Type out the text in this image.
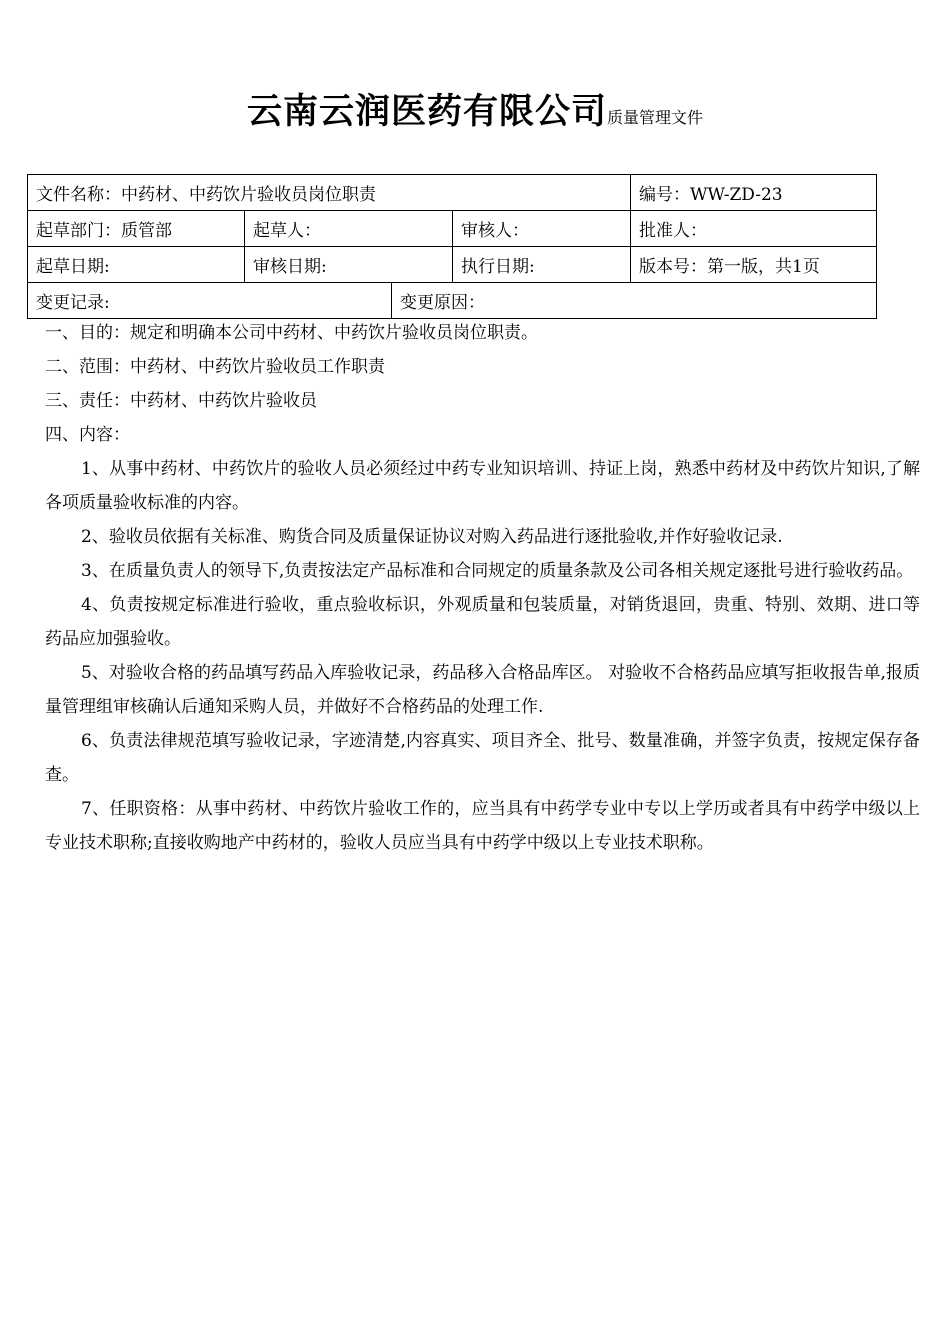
云南云润医药有限公司质量管理文件
文件名称：中药材、中药饮片验收员岗位职责				编号：WW-ZD-23
起草部门：质管部	起草人：		审核人：	批准人：
起草日期:	审核日期:		执行日期:	版本号：第一版，共1页
变更记录:		变更原因：		

一、目的：规定和明确本公司中药材、中药饮片验收员岗位职责。

二、范围：中药材、中药饮片验收员工作职责

三、责任：中药材、中药饮片验收员

四、内容：

1、从事中药材、中药饮片的验收人员必须经过中药专业知识培训、持证上岗，熟悉中药材及中药饮片知识,了解各项质量验收标准的内容。

2、验收员依据有关标准、购货合同及质量保证协议对购入药品进行逐批验收,并作好验收记录.

3、在质量负责人的领导下,负责按法定产品标准和合同规定的质量条款及公司各相关规定逐批号进行验收药品。

4、负责按规定标准进行验收，重点验收标识，外观质量和包装质量，对销货退回，贵重、特别、效期、进口等药品应加强验收。

5、对验收合格的药品填写药品入库验收记录，药品移入合格品库区。 对验收不合格药品应填写拒收报告单,报质量管理组审核确认后通知采购人员，并做好不合格药品的处理工作.

6、负责法律规范填写验收记录，字迹清楚,内容真实、项目齐全、批号、数量准确，并签字负责，按规定保存备查。

7、任职资格：从事中药材、中药饮片验收工作的，应当具有中药学专业中专以上学历或者具有中药学中级以上专业技术职称;直接收购地产中药材的，验收人员应当具有中药学中级以上专业技术职称。
